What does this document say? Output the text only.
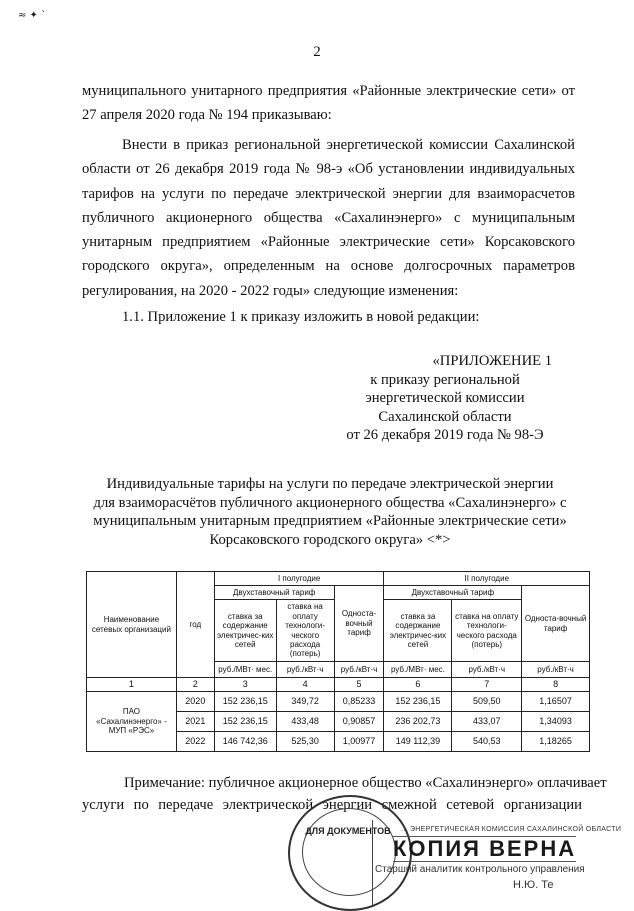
≈ ✦ ˋ
2
муниципального унитарного предприятия «Районные электрические сети» от
27 апреля 2020 года № 194 приказываю:
Внести в приказ региональной энергетической комиссии Сахалинской
области от 26 декабря 2019 года № 98-э «Об установлении индивидуальных
тарифов на услуги по передаче электрической энергии для взаиморасчетов
публичного акционерного общества «Сахалинэнерго» с муниципальным
унитарным предприятием «Районные электрические сети» Корсаковского
городского округа», определенным на основе долгосрочных параметров
регулирования, на 2020 - 2022 годы» следующие изменения:
1.1. Приложение 1 к приказу изложить в новой редакции:
«ПРИЛОЖЕНИЕ 1
к приказу региональной
энергетической комиссии
Сахалинской области
от 26 декабря 2019 года № 98-Э
Индивидуальные тарифы на услуги по передаче электрической энергии
для взаиморасчётов публичного акционерного общества «Сахалинэнерго» с
муниципальным унитарным предприятием «Районные электрические сети»
Корсаковского городского округа» <*>
Наименование сетевых организаций	год	I полугодие			II полугодие		
		Двухставочный тариф		Односта-вочный тариф	Двухставочный тариф		Односта-вочный тариф
		ставка за содержание электричес-ких сетей	ставка на оплату технологи-ческого расхода (потерь)		ставка за содержание электричес-ких сетей	ставка на оплату технологи-ческого расхода (потерь)	
		руб./МВт· мес.	руб./кВт·ч	руб./кВт·ч	руб./МВт· мес.	руб./кВт·ч	руб./кВт·ч
1	2	3	4	5	6	7	8
ПАО «Сахалинэнерго» - МУП «РЭС»	2020	152 236,15	349,72	0,85233	152 236,15	509,50	1,16507
	2021	152 236,15	433,48	0,90857	236 202,73	433,07	1,34093
	2022	146 742,36	525,30	1,00977	149 112,39	540,53	1,18265
Примечание: публичное акционерное общество «Сахалинэнерго» оплачивает
услуги по передаче электрической энергии смежной сетевой организации
ДЛЯ ДОКУМЕНТОВ	... ЭНЕРГЕТИЧЕСКАЯ КОМИССИЯ САХАЛИНСКОЙ ОБЛАСТИ
КОПИЯ ВЕРНА
Старший аналитик контрольного управления
Н.Ю. Те
